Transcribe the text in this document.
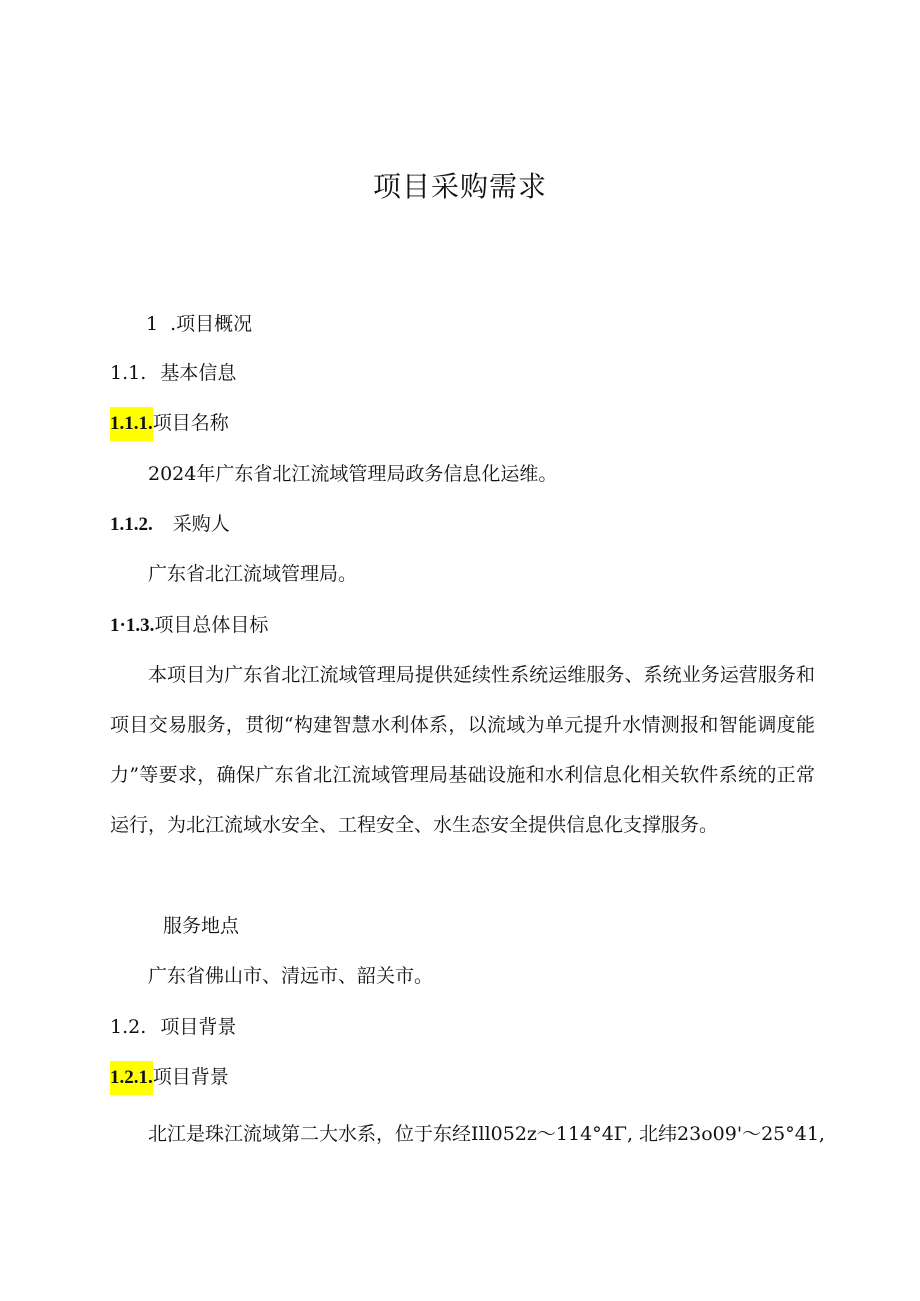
项目采购需求
1 .项目概况
1.1. 基本信息
1.1.1.项目名称
2024年广东省北江流域管理局政务信息化运维。
1.1.2. 采购人
广东省北江流域管理局。
1·1.3.项目总体目标
本项目为广东省北江流域管理局提供延续性系统运维服务、系统业务运营服务和项目交易服务，贯彻“构建智慧水利体系，以流域为单元提升水情测报和智能调度能力”等要求，确保广东省北江流域管理局基础设施和水利信息化相关软件系统的正常运行，为北江流域水安全、工程安全、水生态安全提供信息化支撑服务。
服务地点
广东省佛山市、清远市、韶关市。
1.2. 项目背景
1.2.1.项目背景
北江是珠江流域第二大水系，位于东经Ill052z～114°4Γ, 北纬23o09'～25°41,
